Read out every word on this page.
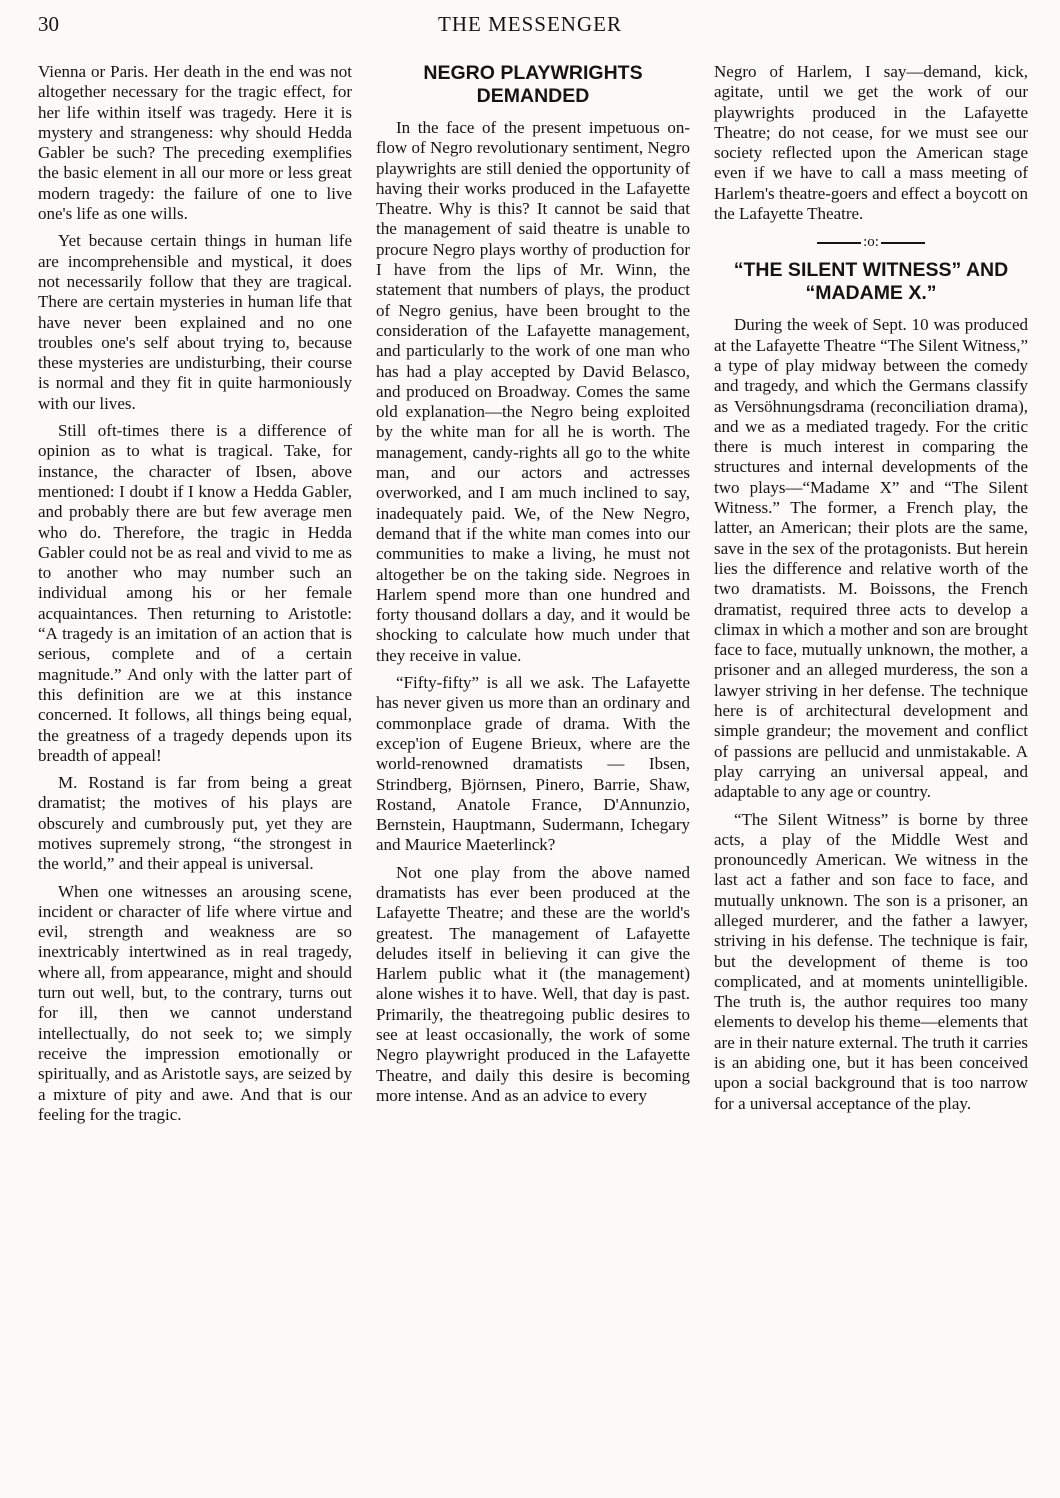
30	THE MESSENGER

Vienna or Paris. Her death in the end was not altogether necessary for the tragic effect, for her life within itself was tragedy. Here it is mystery and strangeness: why should Hedda Gabler be such? The preceding exemplifies the basic element in all our more or less great modern tragedy: the failure of one to live one's life as one wills.

Yet because certain things in human life are incomprehensible and mystical, it does not necessarily follow that they are tragical. There are certain mysteries in human life that have never been explained and no one troubles one's self about trying to, because these mysteries are undisturbing, their course is normal and they fit in quite harmoniously with our lives.

Still oft-times there is a difference of opinion as to what is tragical. Take, for instance, the character of Ibsen, above mentioned: I doubt if I know a Hedda Gabler, and probably there are but few average men who do. Therefore, the tragic in Hedda Gabler could not be as real and vivid to me as to another who may number such an individual among his or her female acquaintances. Then returning to Aristotle: “A tragedy is an imitation of an action that is serious, complete and of a certain magnitude.” And only with the latter part of this definition are we at this instance concerned. It follows, all things being equal, the greatness of a tragedy depends upon its breadth of appeal!

M. Rostand is far from being a great dramatist; the motives of his plays are obscurely and cumbrously put, yet they are motives supremely strong, “the strongest in the world,” and their appeal is universal.

When one witnesses an arousing scene, incident or character of life where virtue and evil, strength and weakness are so inextricably intertwined as in real tragedy, where all, from appearance, might and should turn out well, but, to the contrary, turns out for ill, then we cannot understand intellectually, do not seek to; we simply receive the impression emotionally or spiritually, and as Aristotle says, are seized by a mixture of pity and awe. And that is our feeling for the tragic.

NEGRO PLAYWRIGHTS DEMANDED

In the face of the present impetuous on-flow of Negro revolutionary sentiment, Negro playwrights are still denied the opportunity of having their works produced in the Lafayette Theatre. Why is this? It cannot be said that the management of said theatre is unable to procure Negro plays worthy of production for I have from the lips of Mr. Winn, the statement that numbers of plays, the product of Negro genius, have been brought to the consideration of the Lafayette management, and particularly to the work of one man who has had a play accepted by David Belasco, and produced on Broadway. Comes the same old explanation—the Negro being exploited by the white man for all he is worth. The management, candy-rights all go to the white man, and our actors and actresses overworked, and I am much inclined to say, inadequately paid. We, of the New Negro, demand that if the white man comes into our communities to make a living, he must not altogether be on the taking side. Negroes in Harlem spend more than one hundred and forty thousand dollars a day, and it would be shocking to calculate how much under that they receive in value.

“Fifty-fifty” is all we ask. The Lafayette has never given us more than an ordinary and commonplace grade of drama. With the excep'ion of Eugene Brieux, where are the world-renowned dramatists — Ibsen, Strindberg, Björnsen, Pinero, Barrie, Shaw, Rostand, Anatole France, D'Annunzio, Bernstein, Hauptmann, Sudermann, Ichegary and Maurice Maeterlinck?

Not one play from the above named dramatists has ever been produced at the Lafayette Theatre; and these are the world's greatest. The management of Lafayette deludes itself in believing it can give the Harlem public what it (the management) alone wishes it to have. Well, that day is past. Primarily, the theatregoing public desires to see at least occasionally, the work of some Negro playwright produced in the Lafayette Theatre, and daily this desire is becoming more intense. And as an advice to every

Negro of Harlem, I say—demand, kick, agitate, until we get the work of our playwrights produced in the Lafayette Theatre; do not cease, for we must see our society reflected upon the American stage even if we have to call a mass meeting of Harlem's theatre-goers and effect a boycott on the Lafayette Theatre.

:o:
“THE SILENT WITNESS” AND “MADAME X.”

During the week of Sept. 10 was produced at the Lafayette Theatre “The Silent Witness,” a type of play midway between the comedy and tragedy, and which the Germans classify as Versöhnungsdrama (reconciliation drama), and we as a mediated tragedy. For the critic there is much interest in comparing the structures and internal developments of the two plays—“Madame X” and “The Silent Witness.” The former, a French play, the latter, an American; their plots are the same, save in the sex of the protagonists. But herein lies the difference and relative worth of the two dramatists. M. Boissons, the French dramatist, required three acts to develop a climax in which a mother and son are brought face to face, mutually unknown, the mother, a prisoner and an alleged murderess, the son a lawyer striving in her defense. The technique here is of architectural development and simple grandeur; the movement and conflict of passions are pellucid and unmistakable. A play carrying an universal appeal, and adaptable to any age or country.

“The Silent Witness” is borne by three acts, a play of the Middle West and pronouncedly American. We witness in the last act a father and son face to face, and mutually unknown. The son is a prisoner, an alleged murderer, and the father a lawyer, striving in his defense. The technique is fair, but the development of theme is too complicated, and at moments unintelligible. The truth is, the author requires too many elements to develop his theme—elements that are in their nature external. The truth it carries is an abiding one, but it has been conceived upon a social background that is too narrow for a universal acceptance of the play.
